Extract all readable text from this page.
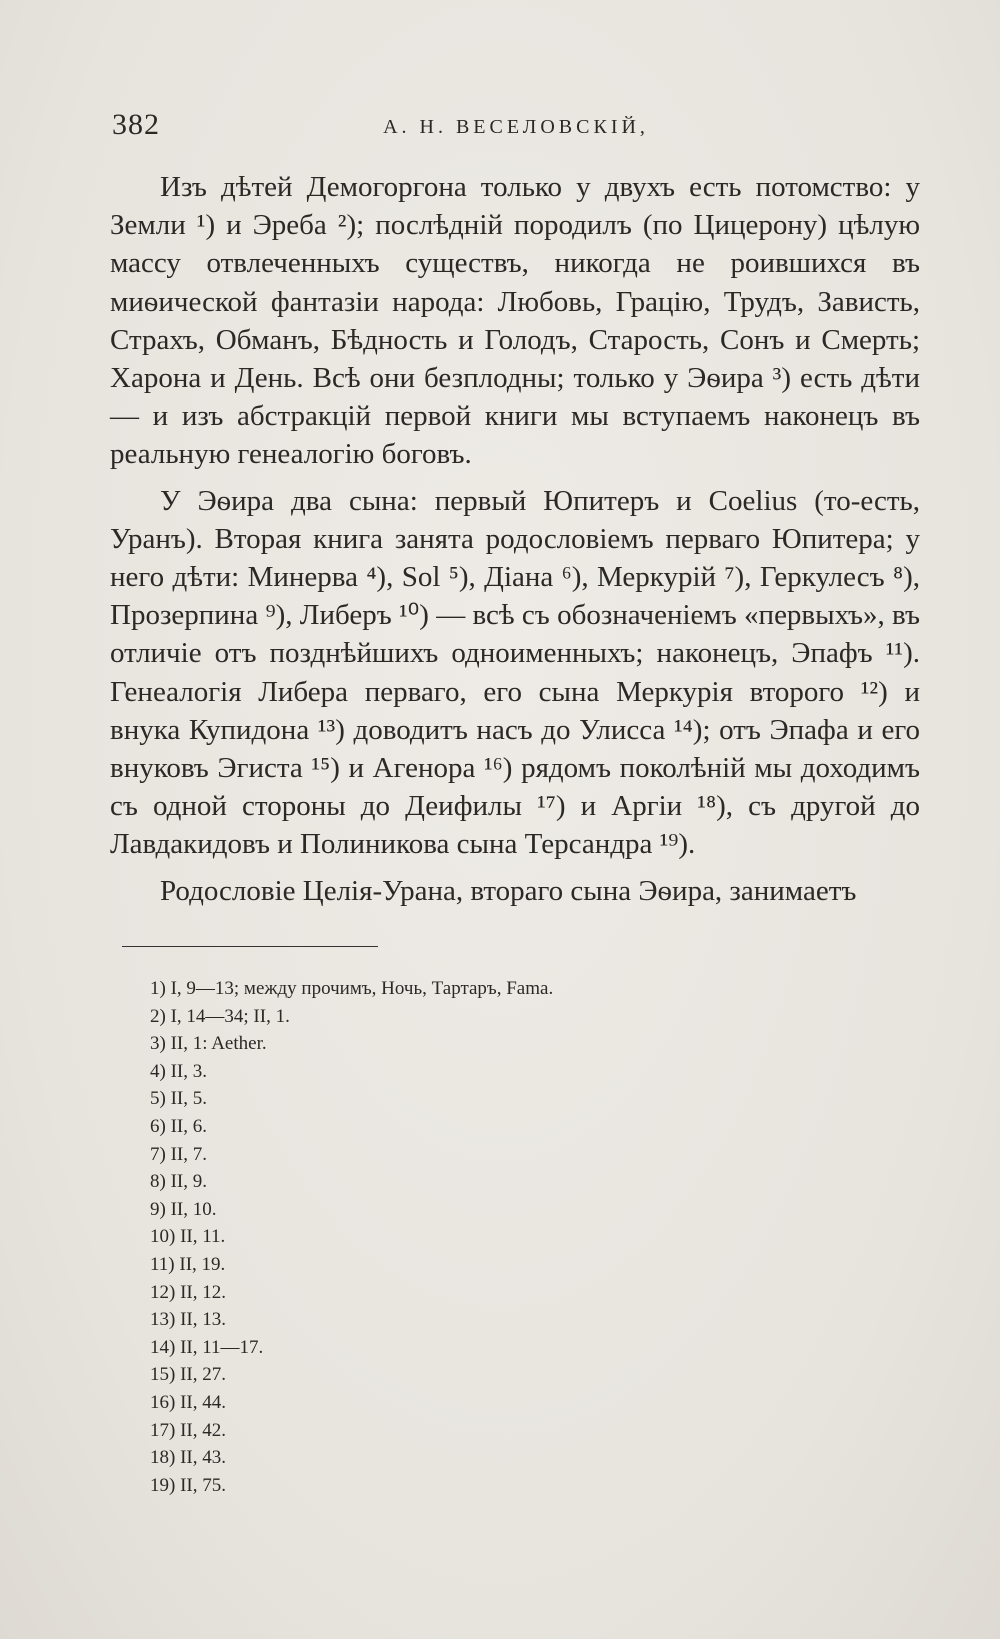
382	А. Н. ВЕСЕЛОВСКІЙ,

Изъ дѣтей Демогоргона только у двухъ есть потомство: у Земли ¹) и Эреба ²); послѣдній породилъ (по Цицерону) цѣлую массу отвлеченныхъ существъ, никогда не роившихся въ миѳической фантазіи народа: Любовь, Грацію, Трудъ, Зависть, Страхъ, Обманъ, Бѣдность и Голодъ, Старость, Сонъ и Смерть; Харона и День. Всѣ они безплодны; только у Эѳира ³) есть дѣти — и изъ абстракцій первой книги мы вступаемъ наконецъ въ реальную генеалогію боговъ.

У Эѳира два сына: первый Юпитеръ и Coelius (то-есть, Уранъ). Вторая книга занята родословіемъ перваго Юпитера; у него дѣти: Минерва ⁴), Sol ⁵), Діана ⁶), Меркурій ⁷), Геркулесъ ⁸), Прозерпина ⁹), Либеръ ¹⁰) — всѣ съ обозначеніемъ «первыхъ», въ отличіе отъ позднѣйшихъ одноименныхъ; наконецъ, Эпафъ ¹¹). Генеалогія Либера перваго, его сына Меркурія второго ¹²) и внука Купидона ¹³) доводитъ насъ до Улисса ¹⁴); отъ Эпафа и его внуковъ Эгиста ¹⁵) и Агенора ¹⁶) рядомъ поколѣній мы доходимъ съ одной стороны до Деифилы ¹⁷) и Аргіи ¹⁸), съ другой до Лавдакидовъ и Полиникова сына Терсандра ¹⁹).

Родословіе Целія-Урана, втораго сына Эѳира, занимаетъ

1) I, 9—13; между прочимъ, Ночь, Тартаръ, Fama.
2) I, 14—34; II, 1.
3) II, 1: Aether.
4) II, 3.
5) II, 5.
6) II, 6.
7) II, 7.
8) II, 9.
9) II, 10.
10) II, 11.
11) II, 19.
12) II, 12.
13) II, 13.
14) II, 11—17.
15) II, 27.
16) II, 44.
17) II, 42.
18) II, 43.
19) II, 75.
